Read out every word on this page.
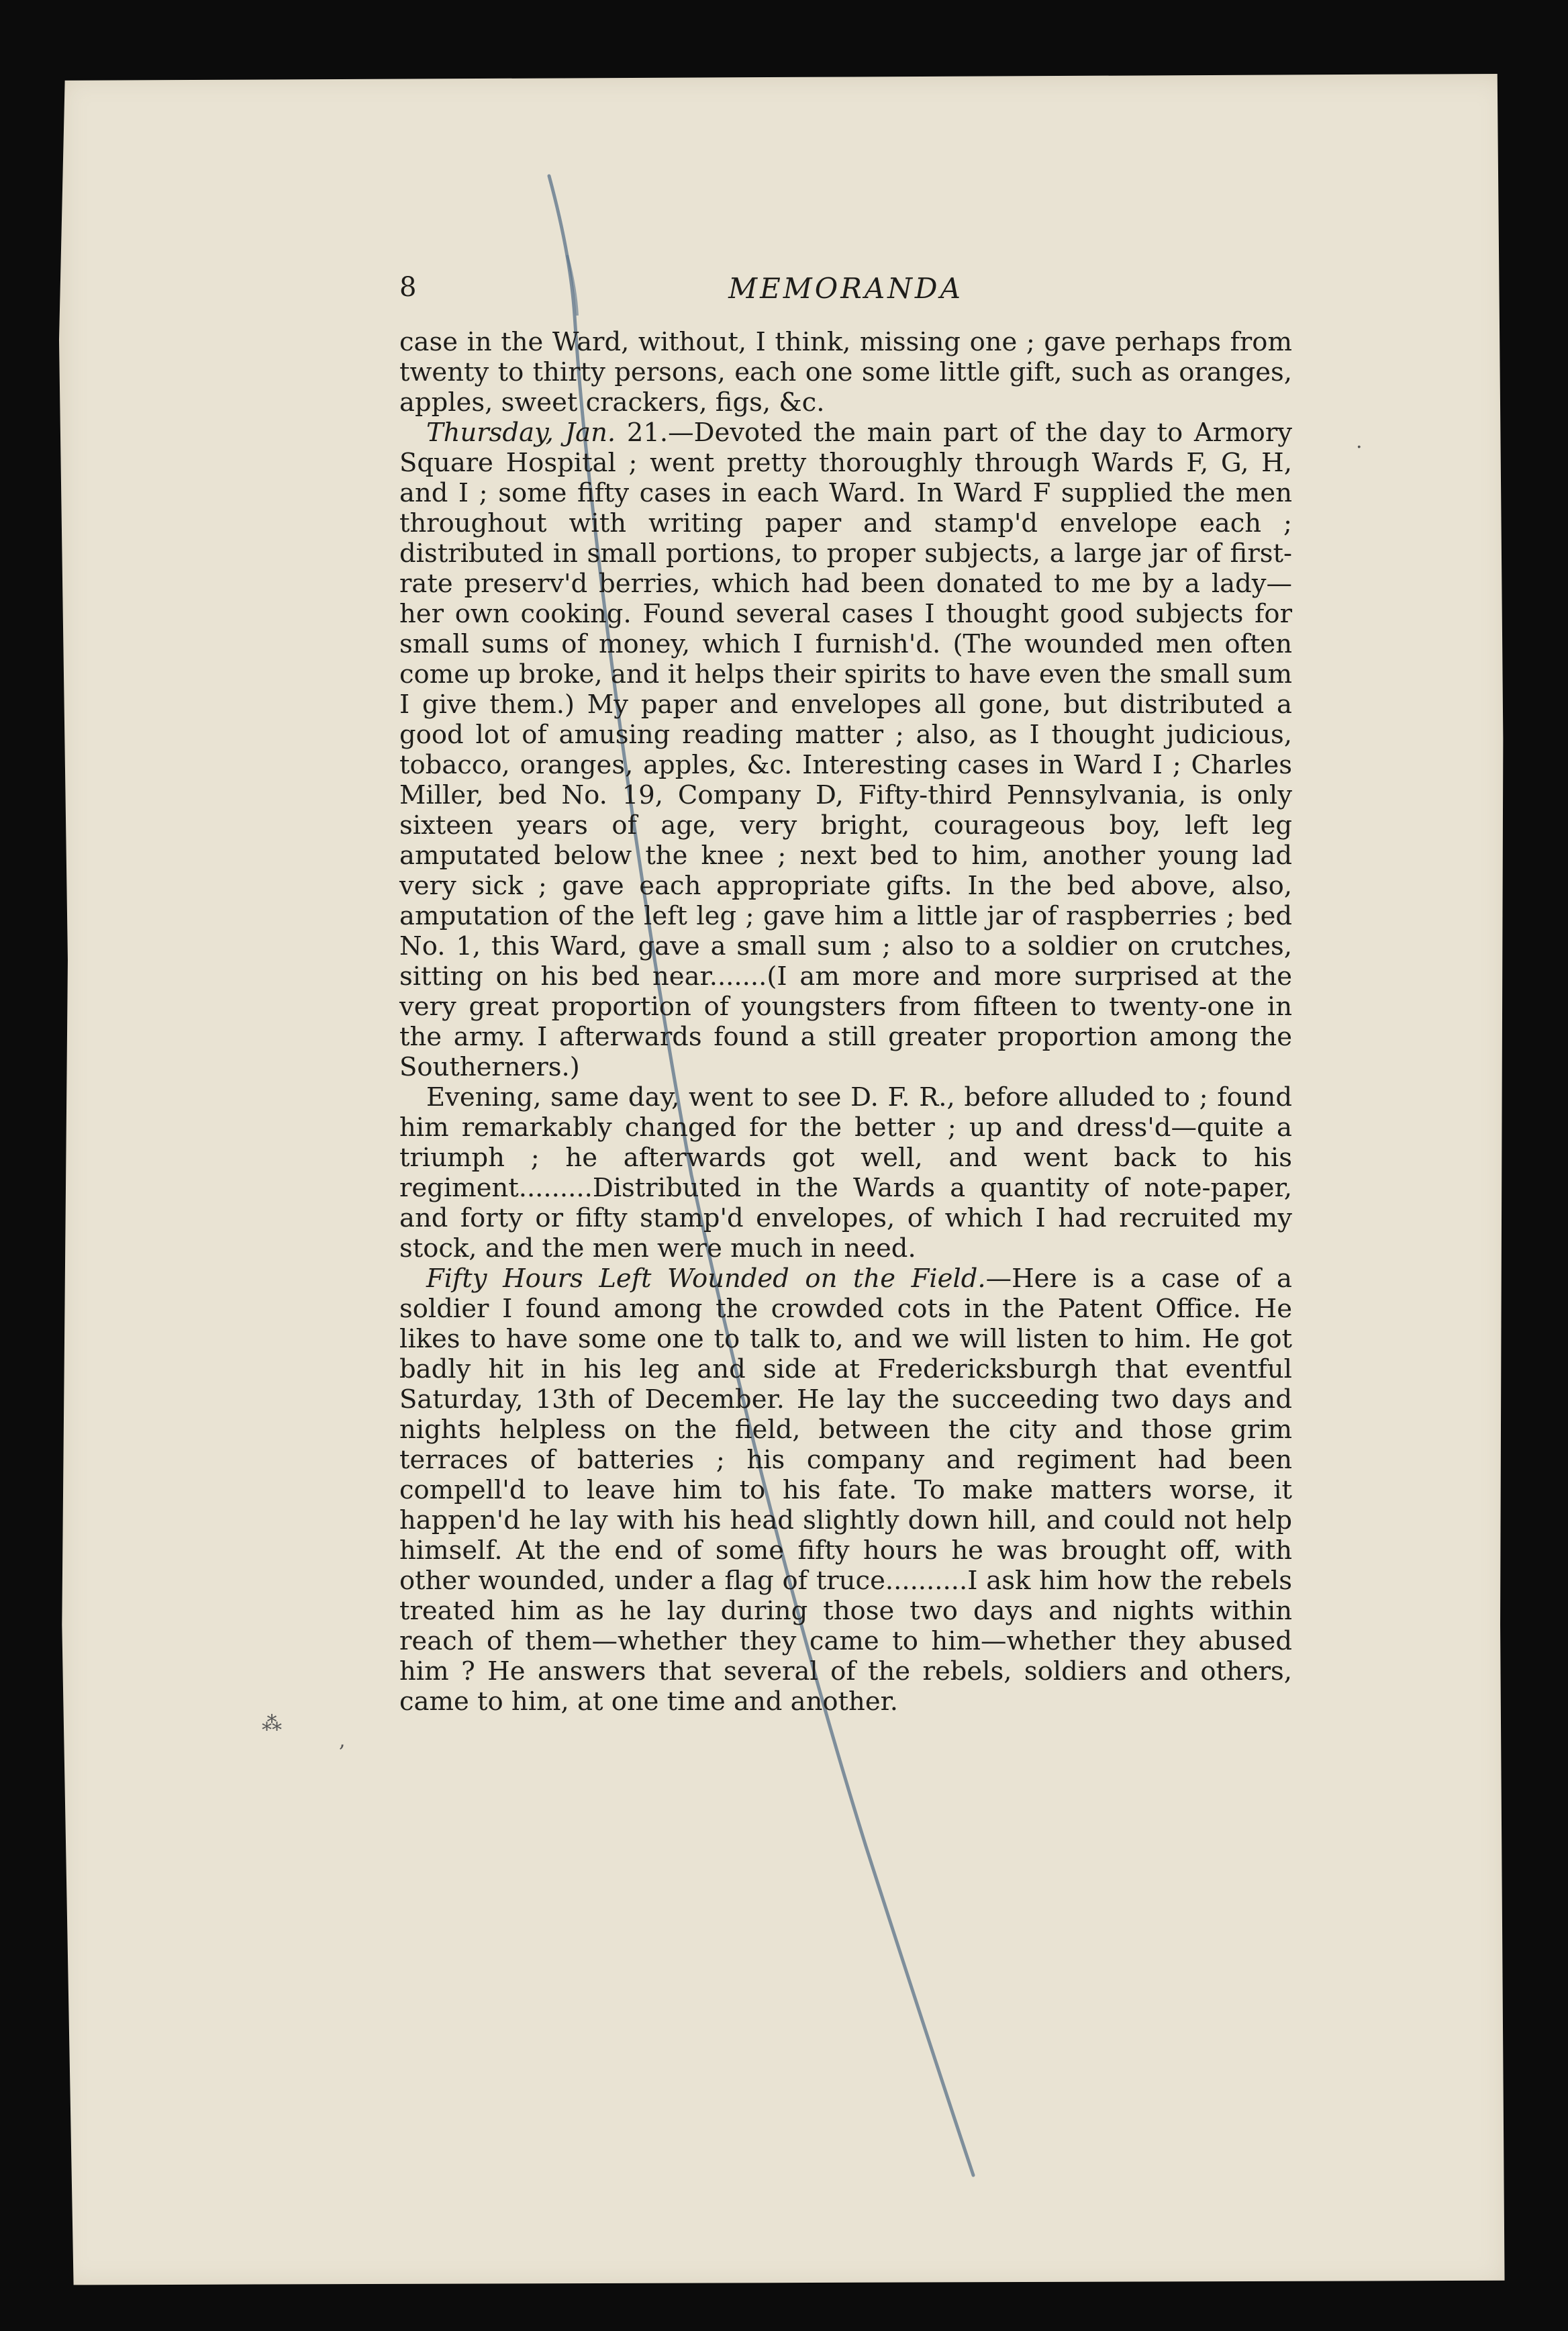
.
⁂
,
8	MEMORANDA

case in the Ward, without, I think, missing one ; gave perhaps from twenty to thirty persons, each one some little gift, such as oranges, apples, sweet crackers, figs, &c.

Thursday, Jan. 21.—Devoted the main part of the day to Armory Square Hospital ; went pretty thoroughly through Wards F, G, H, and I ; some fifty cases in each Ward. In Ward F supplied the men throughout with writing paper and stamp'd envelope each ; distributed in small portions, to proper subjects, a large jar of first-rate preserv'd berries, which had been donated to me by a lady—her own cooking. Found several cases I thought good subjects for small sums of money, which I furnish'd. (The wounded men often come up broke, and it helps their spirits to have even the small sum I give them.) My paper and envelopes all gone, but distributed a good lot of amusing reading matter ; also, as I thought judicious, tobacco, oranges, apples, &c. Interesting cases in Ward I ; Charles Miller, bed No. 19, Company D, Fifty-third Pennsylvania, is only sixteen years of age, very bright, courageous boy, left leg amputated below the knee ; next bed to him, another young lad very sick ; gave each appropriate gifts. In the bed above, also, amputation of the left leg ; gave him a little jar of raspberries ; bed No. 1, this Ward, gave a small sum ; also to a soldier on crutches, sitting on his bed near.......(I am more and more surprised at the very great proportion of youngsters from fifteen to twenty-one in the army. I afterwards found a still greater proportion among the Southerners.)

Evening, same day, went to see D. F. R., before alluded to ; found him remarkably changed for the better ; up and dress'd—quite a triumph ; he afterwards got well, and went back to his regiment.........Distributed in the Wards a quantity of note-paper, and forty or fifty stamp'd envelopes, of which I had recruited my stock, and the men were much in need.

Fifty Hours Left Wounded on the Field.—Here is a case of a soldier I found among the crowded cots in the Patent Office. He likes to have some one to talk to, and we will listen to him. He got badly hit in his leg and side at Fredericksburgh that eventful Saturday, 13th of December. He lay the succeeding two days and nights helpless on the field, between the city and those grim terraces of batteries ; his company and regiment had been compell'd to leave him to his fate. To make matters worse, it happen'd he lay with his head slightly down hill, and could not help himself. At the end of some fifty hours he was brought off, with other wounded, under a flag of truce..........I ask him how the rebels treated him as he lay during those two days and nights within reach of them—whether they came to him—whether they abused him ? He answers that several of the rebels, soldiers and others, came to him, at one time and another.
